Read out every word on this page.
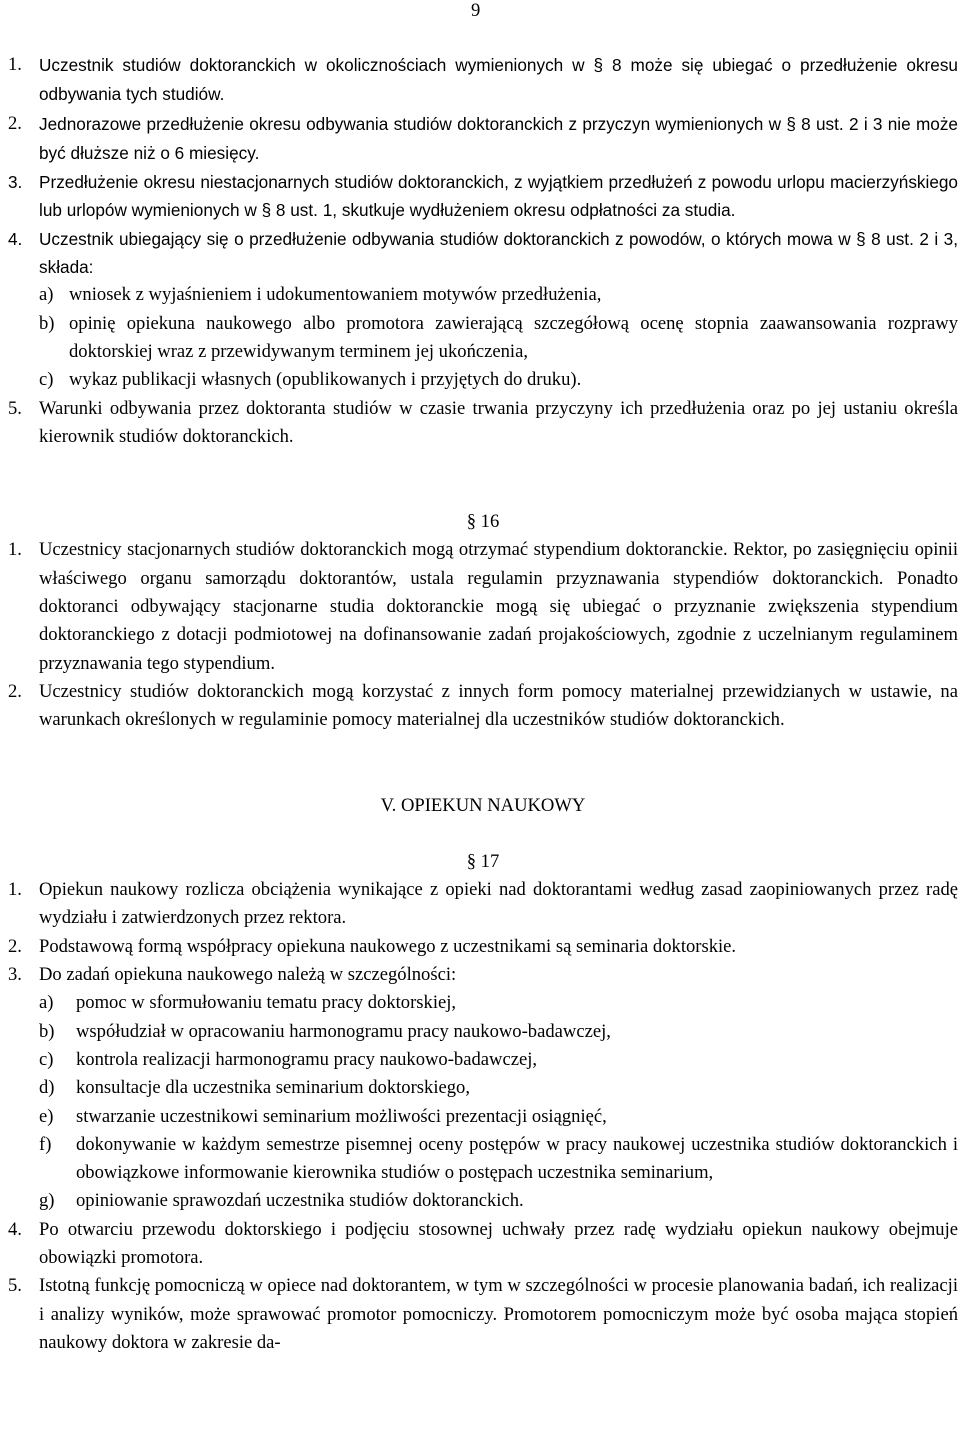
9
1. Uczestnik studiów doktoranckich w okolicznościach wymienionych w § 8 może się ubiegać o przedłużenie okresu odbywania tych studiów.
2. Jednorazowe przedłużenie okresu odbywania studiów doktoranckich z przyczyn wymienionych w § 8 ust. 2 i 3 nie może być dłuższe niż o 6 miesięcy.
3. Przedłużenie okresu niestacjonarnych studiów doktoranckich, z wyjątkiem przedłużeń z powodu urlopu macierzyńskiego lub urlopów wymienionych w § 8 ust. 1, skutkuje wydłużeniem okresu odpłatności za studia.
4. Uczestnik ubiegający się o przedłużenie odbywania studiów doktoranckich z powodów, o których mowa w § 8 ust. 2 i 3, składa:
a) wniosek z wyjaśnieniem i udokumentowaniem motywów przedłużenia,
b) opinię opiekuna naukowego albo promotora zawierającą szczegółową ocenę stopnia zaawansowania rozprawy doktorskiej wraz z przewidywanym terminem jej ukończenia,
c) wykaz publikacji własnych (opublikowanych i przyjętych do druku).
5. Warunki odbywania przez doktoranta studiów w czasie trwania przyczyny ich przedłużenia oraz po jej ustaniu określa kierownik studiów doktoranckich.
§ 16
1. Uczestnicy stacjonarnych studiów doktoranckich mogą otrzymać stypendium doktoranckie. Rektor, po zasięgnięciu opinii właściwego organu samorządu doktorantów, ustala regulamin przyznawania stypendiów doktoranckich. Ponadto doktoranci odbywający stacjonarne studia doktoranckie mogą się ubiegać o przyznanie zwiększenia stypendium doktoranckiego z dotacji podmiotowej na dofinansowanie zadań projakościowych, zgodnie z uczelnianym regulaminem przyznawania tego stypendium.
2. Uczestnicy studiów doktoranckich mogą korzystać z innych form pomocy materialnej przewidzianych w ustawie, na warunkach określonych w regulaminie pomocy materialnej dla uczestników studiów doktoranckich.
V. OPIEKUN NAUKOWY
§ 17
1. Opiekun naukowy rozlicza obciążenia wynikające z opieki nad doktorantami według zasad zaopiniowanych przez radę wydziału i zatwierdzonych przez rektora.
2. Podstawową formą współpracy opiekuna naukowego z uczestnikami są seminaria doktorskie.
3. Do zadań opiekuna naukowego należą w szczególności:
a) pomoc w sformułowaniu tematu pracy doktorskiej,
b) współudział w opracowaniu harmonogramu pracy naukowo-badawczej,
c) kontrola realizacji harmonogramu pracy naukowo-badawczej,
d) konsultacje dla uczestnika seminarium doktorskiego,
e) stwarzanie uczestnikowi seminarium możliwości prezentacji osiągnięć,
f) dokonywanie w każdym semestrze pisemnej oceny postępów w pracy naukowej uczestnika studiów doktoranckich i obowiązkowe informowanie kierownika studiów o postępach uczestnika seminarium,
g) opiniowanie sprawozdań uczestnika studiów doktoranckich.
4. Po otwarciu przewodu doktorskiego i podjęciu stosownej uchwały przez radę wydziału opiekun naukowy obejmuje obowiązki promotora.
5. Istotną funkcję pomocniczą w opiece nad doktorantem, w tym w szczególności w procesie planowania badań, ich realizacji i analizy wyników, może sprawować promotor pomocniczy. Promotorem pomocniczym może być osoba mająca stopień naukowy doktora w zakresie da-
